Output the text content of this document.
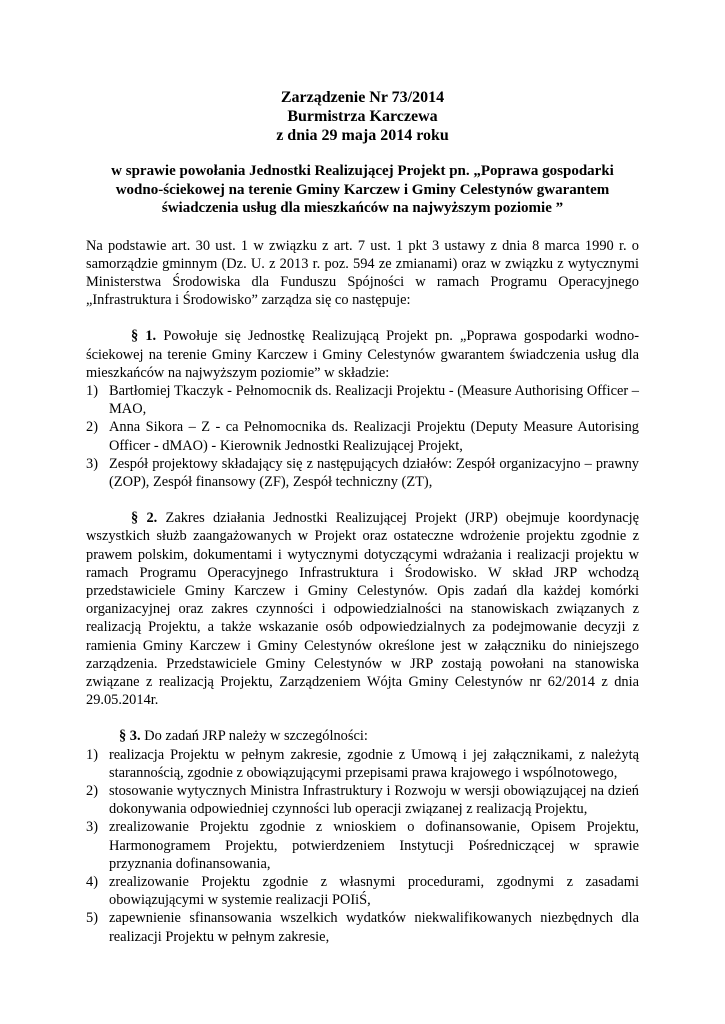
Zarządzenie Nr 73/2014
Burmistrza Karczewa
z dnia 29 maja 2014 roku
w sprawie powołania Jednostki Realizującej Projekt pn. „Poprawa gospodarki
wodno-ściekowej na terenie Gminy Karczew i Gminy Celestynów gwarantem
świadczenia usług dla mieszkańców na najwyższym poziomie ”

Na podstawie art. 30 ust. 1 w związku z art. 7 ust. 1 pkt 3 ustawy z dnia 8 marca 1990 r. o samorządzie gminnym (Dz. U. z 2013 r. poz. 594 ze zmianami) oraz w związku z wytycznymi Ministerstwa Środowiska dla Funduszu Spójności w ramach Programu Operacyjnego „Infrastruktura i Środowisko” zarządza się co następuje:

§ 1. Powołuje się Jednostkę Realizującą Projekt pn. „Poprawa gospodarki wodno-ściekowej na terenie Gminy Karczew i Gminy Celestynów gwarantem świadczenia usług dla mieszkańców na najwyższym poziomie” w składzie:

1) Bartłomiej Tkaczyk - Pełnomocnik ds. Realizacji Projektu - (Measure Authorising Officer – MAO,
2) Anna Sikora – Z - ca Pełnomocnika ds. Realizacji Projektu (Deputy Measure Autorising Officer - dMAO) - Kierownik Jednostki Realizującej Projekt,
3) Zespół projektowy składający się z następujących działów: Zespół organizacyjno – prawny (ZOP), Zespół finansowy (ZF), Zespół techniczny (ZT),

§ 2. Zakres działania Jednostki Realizującej Projekt (JRP) obejmuje koordynację wszystkich służb zaangażowanych w Projekt oraz ostateczne wdrożenie projektu zgodnie z prawem polskim, dokumentami i wytycznymi dotyczącymi wdrażania i realizacji projektu w ramach Programu Operacyjnego Infrastruktura i Środowisko. W skład JRP wchodzą przedstawiciele Gminy Karczew i Gminy Celestynów. Opis zadań dla każdej komórki organizacyjnej oraz zakres czynności i odpowiedzialności na stanowiskach związanych z realizacją Projektu, a także wskazanie osób odpowiedzialnych za podejmowanie decyzji z ramienia Gminy Karczew i Gminy Celestynów określone jest w załączniku do niniejszego zarządzenia. Przedstawiciele Gminy Celestynów w JRP zostają powołani na stanowiska związane z realizacją Projektu, Zarządzeniem Wójta Gminy Celestynów nr 62/2014 z dnia 29.05.2014r.

§ 3. Do zadań JRP należy w szczególności:

1) realizacja Projektu w pełnym zakresie, zgodnie z Umową i jej załącznikami, z należytą starannością, zgodnie z obowiązującymi przepisami prawa krajowego i wspólnotowego,
2) stosowanie wytycznych Ministra Infrastruktury i Rozwoju w wersji obowiązującej na dzień dokonywania odpowiedniej czynności lub operacji związanej z realizacją Projektu,
3) zrealizowanie Projektu zgodnie z wnioskiem o dofinansowanie, Opisem Projektu, Harmonogramem Projektu, potwierdzeniem Instytucji Pośredniczącej w sprawie przyznania dofinansowania,
4) zrealizowanie Projektu zgodnie z własnymi procedurami, zgodnymi z zasadami obowiązującymi w systemie realizacji POIiŚ,
5) zapewnienie sfinansowania wszelkich wydatków niekwalifikowanych niezbędnych dla realizacji Projektu w pełnym zakresie,
